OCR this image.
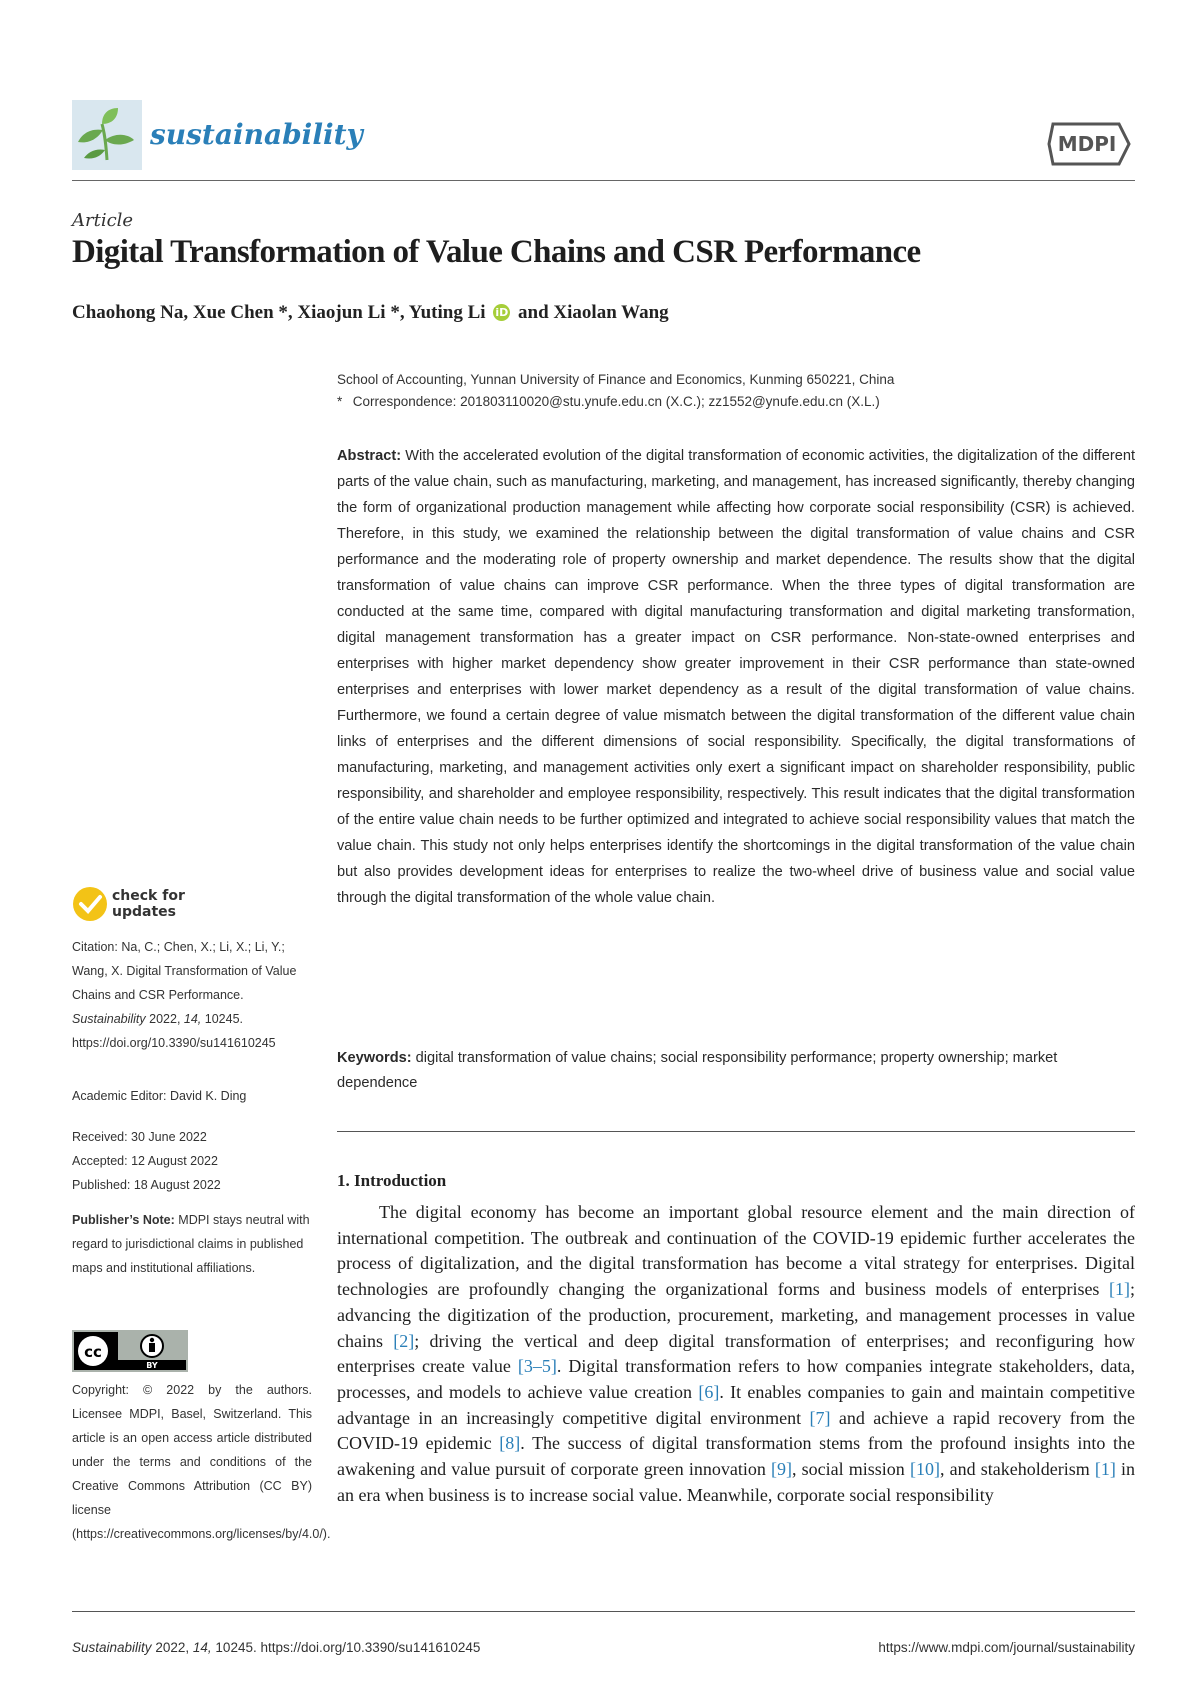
sustainability	MDPI
Article
Digital Transformation of Value Chains and CSR Performance
Chaohong Na, Xue Chen *, Xiaojun Li *, Yuting Li iD and Xiaolan Wang
School of Accounting, Yunnan University of Finance and Economics, Kunming 650221, China
* Correspondence: 201803110020@stu.ynufe.edu.cn (X.C.); zz1552@ynufe.edu.cn (X.L.)
Abstract: With the accelerated evolution of the digital transformation of economic activities, the digitalization of the different parts of the value chain, such as manufacturing, marketing, and management, has increased significantly, thereby changing the form of organizational production management while affecting how corporate social responsibility (CSR) is achieved. Therefore, in this study, we examined the relationship between the digital transformation of value chains and CSR performance and the moderating role of property ownership and market dependence. The results show that the digital transformation of value chains can improve CSR performance. When the three types of digital transformation are conducted at the same time, compared with digital manufacturing transformation and digital marketing transformation, digital management transformation has a greater impact on CSR performance. Non-state-owned enterprises and enterprises with higher market dependency show greater improvement in their CSR performance than state-owned enterprises and enterprises with lower market dependency as a result of the digital transformation of value chains. Furthermore, we found a certain degree of value mismatch between the digital transformation of the different value chain links of enterprises and the different dimensions of social responsibility. Specifically, the digital transformations of manufacturing, marketing, and management activities only exert a significant impact on shareholder responsibility, public responsibility, and shareholder and employee responsibility, respectively. This result indicates that the digital transformation of the entire value chain needs to be further optimized and integrated to achieve social responsibility values that match the value chain. This study not only helps enterprises identify the shortcomings in the digital transformation of the value chain but also provides development ideas for enterprises to realize the two-wheel drive of business value and social value through the digital transformation of the whole value chain.
Keywords: digital transformation of value chains; social responsibility performance; property ownership; market dependence
1. Introduction
The digital economy has become an important global resource element and the main direction of international competition. The outbreak and continuation of the COVID-19 epidemic further accelerates the process of digitalization, and the digital transformation has become a vital strategy for enterprises. Digital technologies are profoundly changing the organizational forms and business models of enterprises [1]; advancing the digitization of the production, procurement, marketing, and management processes in value chains [2]; driving the vertical and deep digital transformation of enterprises; and reconfiguring how enterprises create value [3–5]. Digital transformation refers to how companies integrate stakeholders, data, processes, and models to achieve value creation [6]. It enables companies to gain and maintain competitive advantage in an increasingly competitive digital environment [7] and achieve a rapid recovery from the COVID-19 epidemic [8]. The success of digital transformation stems from the profound insights into the awakening and value pursuit of corporate green innovation [9], social mission [10], and stakeholderism [1] in an era when business is to increase social value. Meanwhile, corporate social responsibility
check for
updates
Citation: Na, C.; Chen, X.; Li, X.; Li, Y.; Wang, X. Digital Transformation of Value Chains and CSR Performance. Sustainability 2022, 14, 10245. https://doi.org/10.3390/su141610245
Academic Editor: David K. Ding
Received: 30 June 2022
Accepted: 12 August 2022
Published: 18 August 2022
Publisher’s Note: MDPI stays neutral with regard to jurisdictional claims in published maps and institutional affiliations.
cc
BY
Copyright: © 2022 by the authors. Licensee MDPI, Basel, Switzerland. This article is an open access article distributed under the terms and conditions of the Creative Commons Attribution (CC BY) license (https://creativecommons.org/licenses/by/4.0/).
Sustainability 2022, 14, 10245. https://doi.org/10.3390/su141610245	https://www.mdpi.com/journal/sustainability
